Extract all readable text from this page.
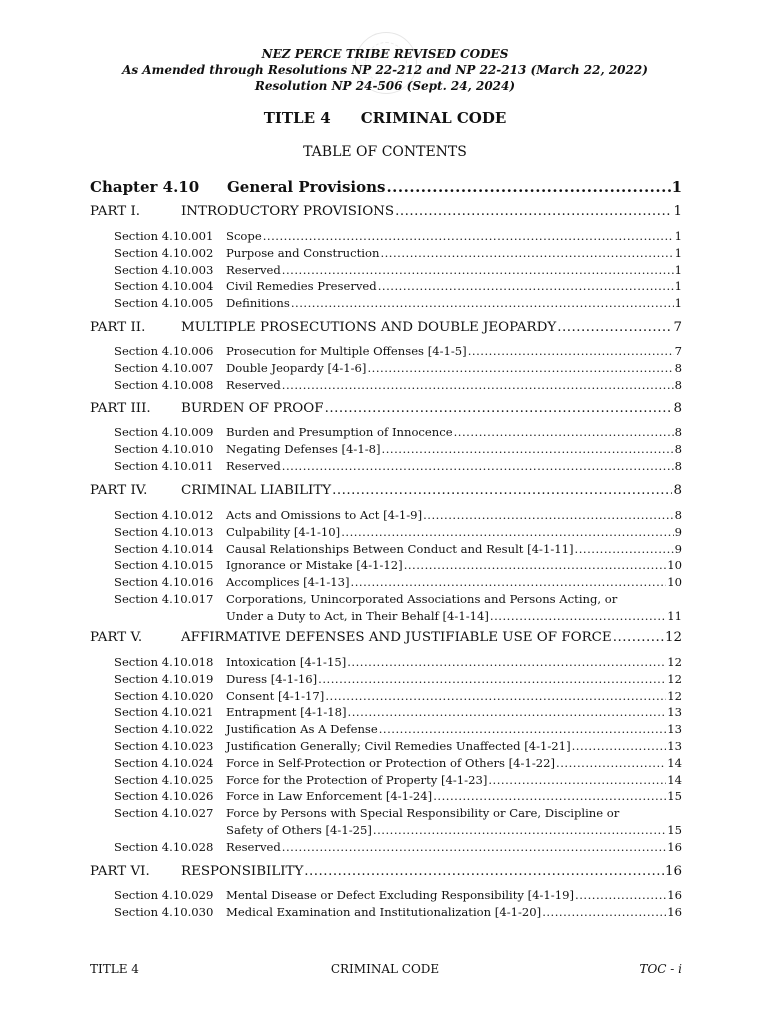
NEZ PERCE TRIBE REVISED CODES
As Amended through Resolutions NP 22-212 and NP 22-213 (March 22, 2022)
Resolution NP 24-506 (Sept. 24, 2024)
TITLE 4 CRIMINAL CODE
TABLE OF CONTENTS
Chapter 4.10	General Provisions .....	1
PART I.	INTRODUCTORY PROVISIONS .....	1
Section 4.10.001	Scope .....	1
Section 4.10.002	Purpose and Construction .....	1
Section 4.10.003	Reserved .....	1
Section 4.10.004	Civil Remedies Preserved .....	1
Section 4.10.005	Definitions .....	1
PART II.	MULTIPLE PROSECUTIONS AND DOUBLE JEOPARDY .....	7
Section 4.10.006	Prosecution for Multiple Offenses [4-1-5] .....	7
Section 4.10.007	Double Jeopardy [4-1-6] .....	8
Section 4.10.008	Reserved .....	8
PART III.	BURDEN OF PROOF .....	8
Section 4.10.009	Burden and Presumption of Innocence .....	8
Section 4.10.010	Negating Defenses [4-1-8] .....	8
Section 4.10.011	Reserved .....	8
PART IV.	CRIMINAL LIABILITY .....	8
Section 4.10.012	Acts and Omissions to Act [4-1-9] .....	8
Section 4.10.013	Culpability [4-1-10] .....	9
Section 4.10.014	Causal Relationships Between Conduct and Result [4-1-11] .....	9
Section 4.10.015	Ignorance or Mistake [4-1-12] .....	10
Section 4.10.016	Accomplices [4-1-13] .....	10
Section 4.10.017	Corporations, Unincorporated Associations and Persons Acting, or
Under a Duty to Act, in Their Behalf [4-1-14] .....	11
PART V.	AFFIRMATIVE DEFENSES AND JUSTIFIABLE USE OF FORCE .....	12
Section 4.10.018	Intoxication [4-1-15] .....	12
Section 4.10.019	Duress [4-1-16] .....	12
Section 4.10.020	Consent [4-1-17] .....	12
Section 4.10.021	Entrapment [4-1-18] .....	13
Section 4.10.022	Justification As A Defense .....	13
Section 4.10.023	Justification Generally; Civil Remedies Unaffected [4-1-21] .....	13
Section 4.10.024	Force in Self-Protection or Protection of Others [4-1-22] .....	14
Section 4.10.025	Force for the Protection of Property [4-1-23] .....	14
Section 4.10.026	Force in Law Enforcement [4-1-24] .....	15
Section 4.10.027	Force by Persons with Special Responsibility or Care, Discipline or
Safety of Others [4-1-25] .....	15
Section 4.10.028	Reserved .....	16
PART VI.	RESPONSIBILITY .....	16
Section 4.10.029	Mental Disease or Defect Excluding Responsibility [4-1-19] .....	16
Section 4.10.030	Medical Examination and Institutionalization [4-1-20] .....	16
TITLE 4	CRIMINAL CODE	TOC - i
